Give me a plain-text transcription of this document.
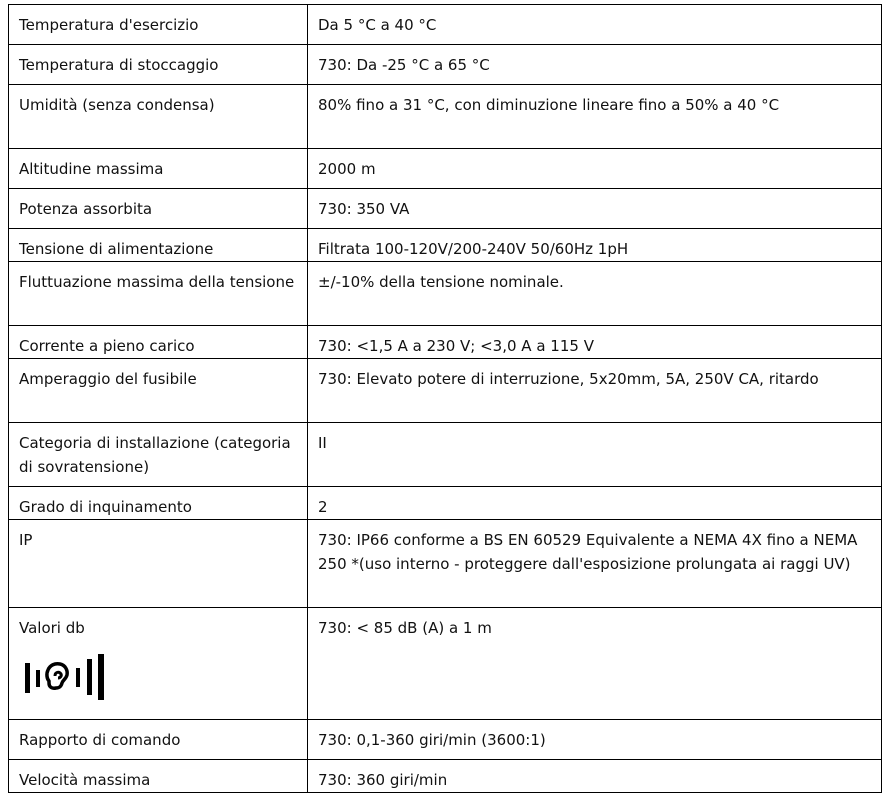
Temperatura d'esercizio	Da 5 °C a 40 °C
Temperatura di stoccaggio	730: Da -25 °C a 65 °C
Umidità (senza condensa)	80% fino a 31 °C, con diminuzione lineare fino a 50% a 40 °C
Altitudine massima	2000 m
Potenza assorbita	730: 350 VA
Tensione di alimentazione	Filtrata 100-120V/200-240V 50/60Hz 1pH
Fluttuazione massima della tensione	±/-10% della tensione nominale.
Corrente a pieno carico	730: <1,5 A a 230 V; <3,0 A a 115 V
Amperaggio del fusibile	730: Elevato potere di interruzione, 5x20mm, 5A, 250V CA, ritardo
Categoria di installazione (categoria di sovratensione)	II
Grado di inquinamento	2
IP	730: IP66 conforme a BS EN 60529 Equivalente a NEMA 4X fino a NEMA 250 *(uso interno - proteggere dall'esposizione prolungata ai raggi UV)

Valori db	730: < 85 dB (A) a 1 m
Rapporto di comando	730: 0,1-360 giri/min (3600:1)
Velocità massima	730: 360 giri/min
